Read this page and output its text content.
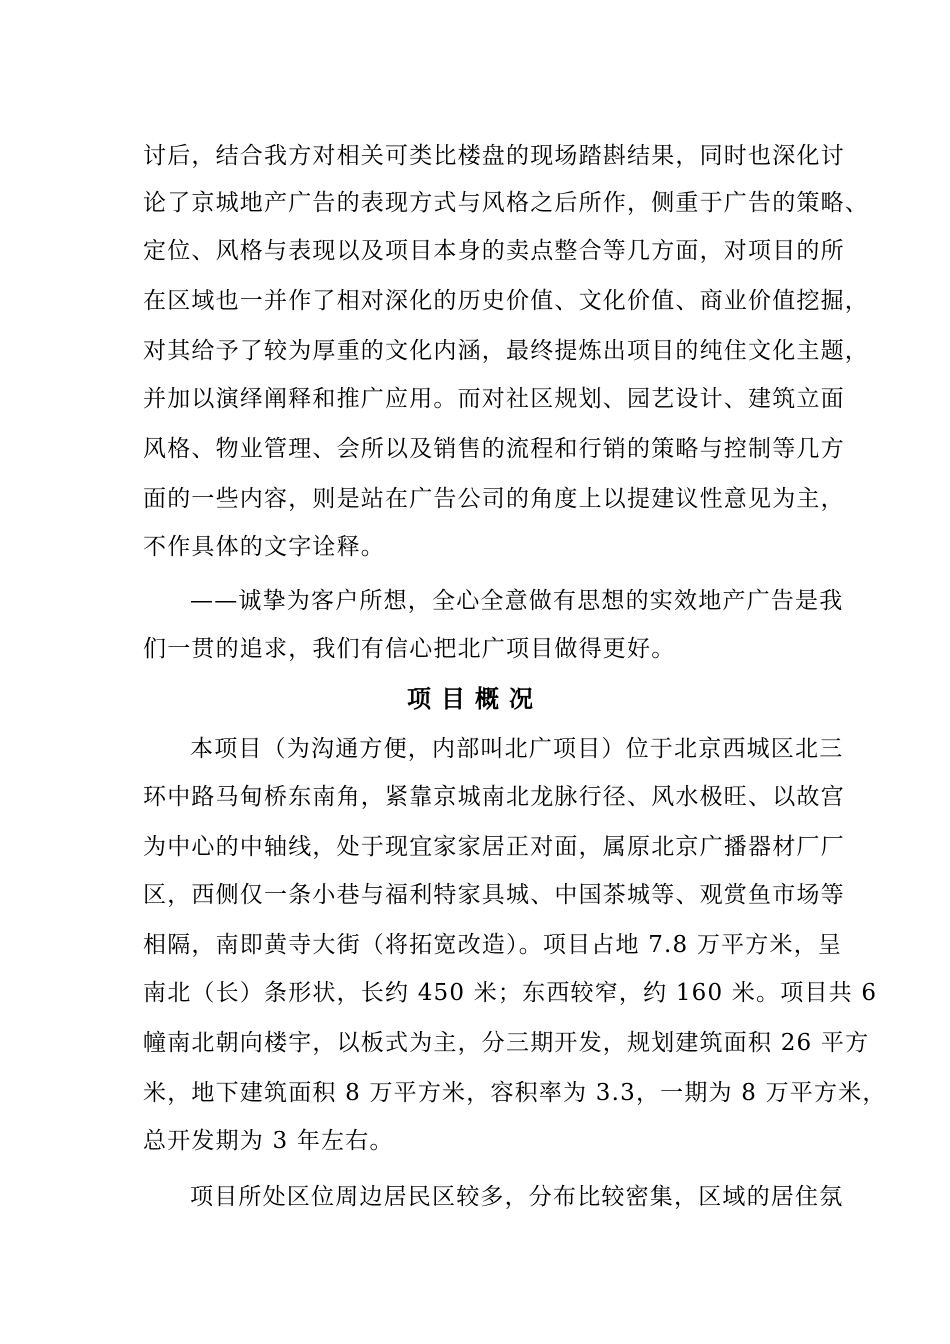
讨后，结合我方对相关可类比楼盘的现场踏斟结果，同时也深化讨
论了京城地产广告的表现方式与风格之后所作，侧重于广告的策略、
定位、风格与表现以及项目本身的卖点整合等几方面，对项目的所
在区域也一并作了相对深化的历史价值、文化价值、商业价值挖掘，
对其给予了较为厚重的文化内涵，最终提炼出项目的纯住文化主题，
并加以演绎阐释和推广应用。而对社区规划、园艺设计、建筑立面
风格、物业管理、会所以及销售的流程和行销的策略与控制等几方
面的一些内容，则是站在广告公司的角度上以提建议性意见为主，
不作具体的文字诠释。
——诚挚为客户所想，全心全意做有思想的实效地产广告是我
们一贯的追求，我们有信心把北广项目做得更好。
项目概况
本项目（为沟通方便，内部叫北广项目）位于北京西城区北三
环中路马甸桥东南角，紧靠京城南北龙脉行径、风水极旺、以故宫
为中心的中轴线，处于现宜家家居正对面，属原北京广播器材厂厂
区，西侧仅一条小巷与福利特家具城、中国茶城等、观赏鱼市场等
相隔，南即黄寺大街（将拓宽改造）。项目占地 7.8 万平方米，呈
南北（长）条形状，长约 450 米；东西较窄，约 160 米。项目共 6
幢南北朝向楼宇，以板式为主，分三期开发，规划建筑面积 26 平方
米，地下建筑面积 8 万平方米，容积率为 3.3，一期为 8 万平方米，
总开发期为 3 年左右。
项目所处区位周边居民区较多，分布比较密集，区域的居住氛
